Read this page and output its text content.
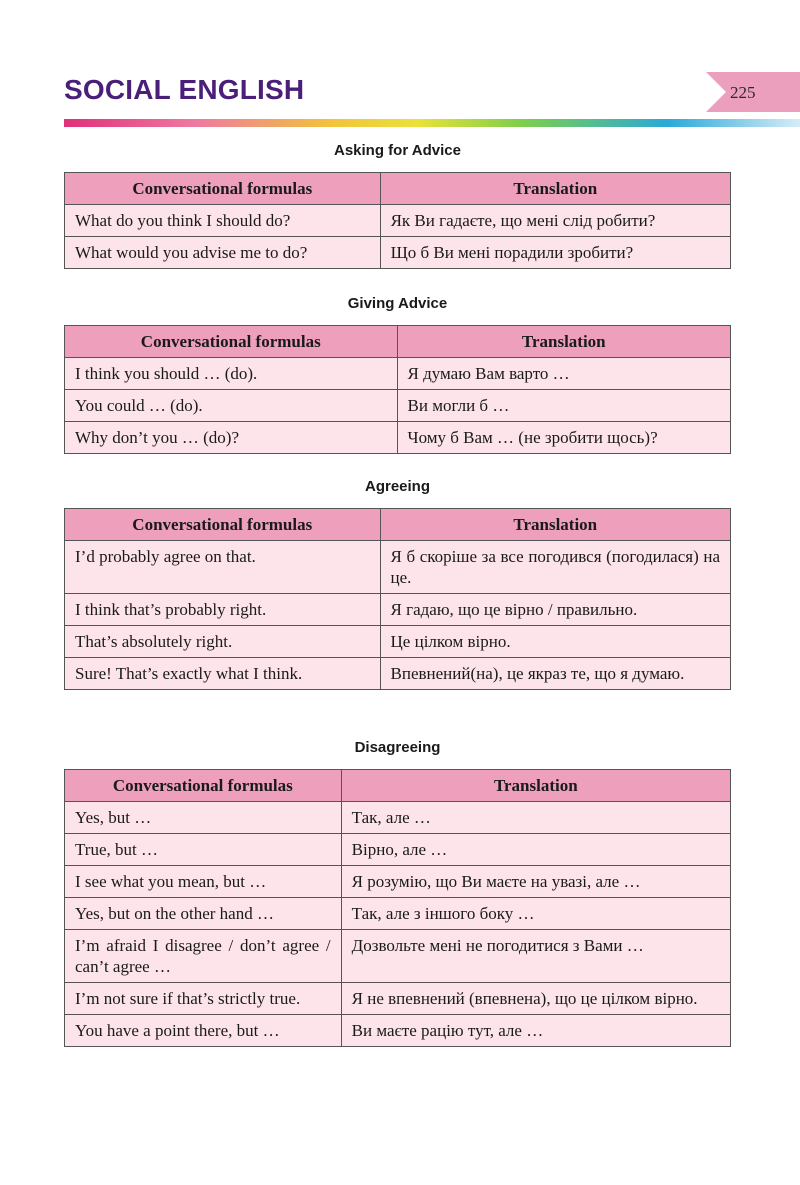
SOCIAL ENGLISH	225
Asking for Advice
Conversational formulas	Translation
What do you think I should do?	Як Ви гадаєте, що мені слід робити?
What would you advise me to do?	Що б Ви мені порадили зробити?
Giving Advice
Conversational formulas	Translation
I think you should … (do).	Я думаю Вам варто …
You could … (do).	Ви могли б …
Why don’t you … (do)?	Чому б Вам … (не зробити щось)?
Agreeing
Conversational formulas	Translation
I’d probably agree on that.	Я б скоріше за все погодився (погодилася) на це.
I think that’s probably right.	Я гадаю, що це вірно / правильно.
That’s absolutely right.	Це цілком вірно.
Sure! That’s exactly what I think.	Впевнений(на), це якраз те, що я думаю.
Disagreeing
Conversational formulas	Translation
Yes, but …	Так, але …
True, but …	Вірно, але …
I see what you mean, but …	Я розумію, що Ви маєте на увазі, але …
Yes, but on the other hand …	Так, але з іншого боку …
I’m afraid I disagree / don’t agree / can’t agree …	Дозвольте мені не погодитися з Вами …
I’m not sure if that’s strictly true.	Я не впевнений (впевнена), що це цілком вірно.
You have a point there, but …	Ви маєте рацію тут, але …
